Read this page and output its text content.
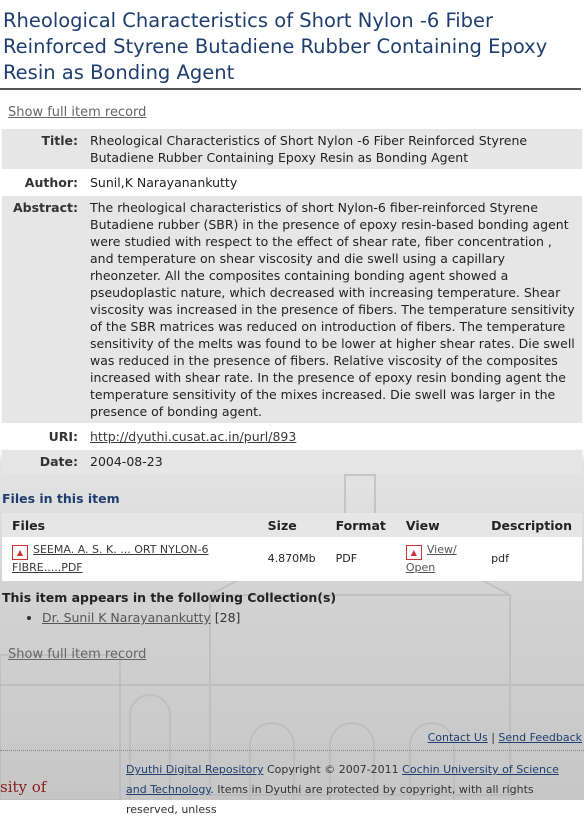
Rheological Characteristics of Short Nylon -6 Fiber Reinforced Styrene Butadiene Rubber Containing Epoxy Resin as Bonding Agent
Show full item record
Title:	Rheological Characteristics of Short Nylon -6 Fiber Reinforced Styrene Butadiene Rubber Containing Epoxy Resin as Bonding Agent
Author:	Sunil,K Narayanankutty
Abstract:	The rheological characteristics of short Nylon-6 fiber-reinforced Styrene Butadiene rubber (SBR) in the presence of epoxy resin-based bonding agent were studied with respect to the effect of shear rate, fiber concentration , and temperature on shear viscosity and die swell using a capillary rheonzeter. All the composites containing bonding agent showed a pseudoplastic nature, which decreased with increasing temperature. Shear viscosity was increased in the presence of fibers. The temperature sensitivity of the SBR matrices was reduced on introduction of fibers. The temperature sensitivity of the melts was found to be lower at higher shear rates. Die swell was reduced in the presence of fibers. Relative viscosity of the composites increased with shear rate. In the presence of epoxy resin bonding agent the temperature sensitivity of the mixes increased. Die swell was larger in the presence of bonding agent.
URI:	http://dyuthi.cusat.ac.in/purl/893
Date:	2004-08-23
Files in this item
Files	Size	Format	View	Description
▲ SEEMA. A. S. K. ... ORT NYLON-6 FIBRE.....PDF	4.870Mb	PDF	▲ View/ Open	pdf
This item appears in the following Collection(s)
• Dr. Sunil K Narayanankutty [28]
Show full item record
Contact Us | Send Feedback
Dyuthi Digital Repository Copyright © 2007-2011 Cochin University of Science and Technology. Items in Dyuthi are protected by copyright, with all rights reserved, unless
sity of
